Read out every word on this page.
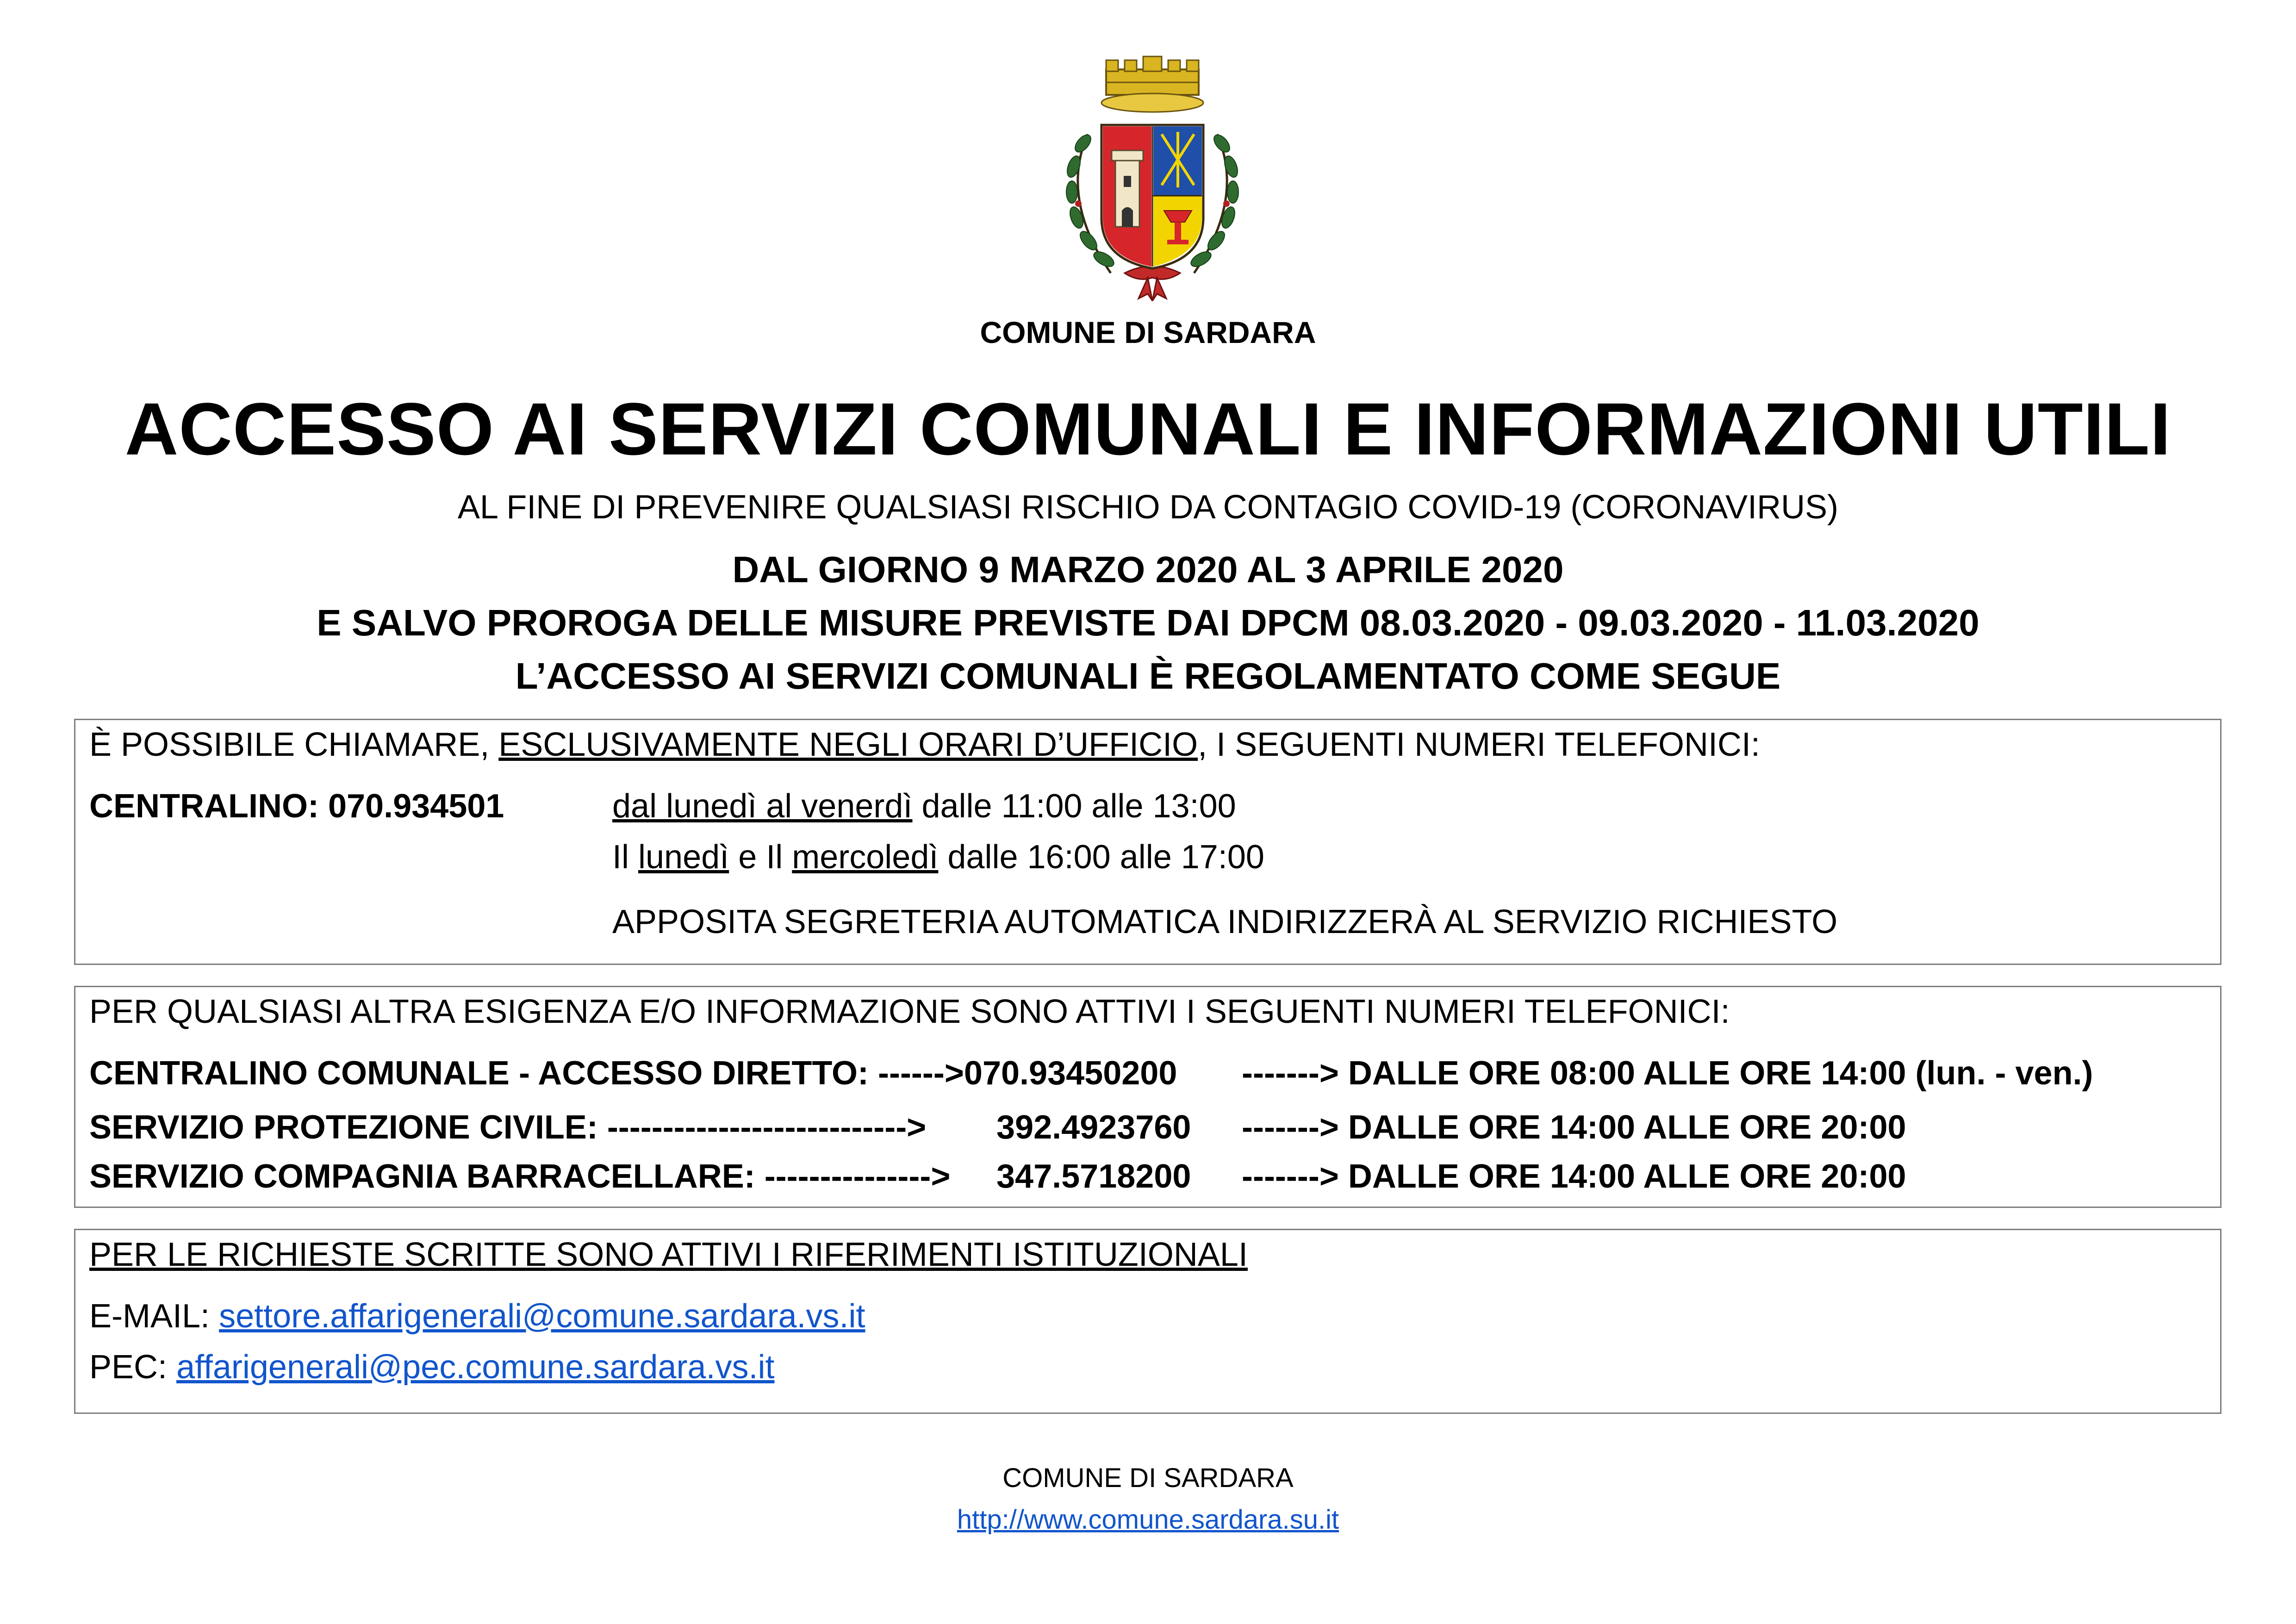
COMUNE DI SARDARA
ACCESSO AI SERVIZI COMUNALI E INFORMAZIONI UTILI
AL FINE DI PREVENIRE QUALSIASI RISCHIO DA CONTAGIO COVID-19 (CORONAVIRUS)
DAL GIORNO 9 MARZO 2020 AL 3 APRILE 2020
E SALVO PROROGA DELLE MISURE PREVISTE DAI DPCM 08.03.2020 - 09.03.2020 - 11.03.2020
L’ACCESSO AI SERVIZI COMUNALI È REGOLAMENTATO COME SEGUE
È POSSIBILE CHIAMARE, ESCLUSIVAMENTE NEGLI ORARI D’UFFICIO, I SEGUENTI NUMERI TELEFONICI:
CENTRALINO: 070.934501	dal lunedì al venerdì dalle 11:00 alle 13:00
Il lunedì e Il mercoledì dalle 16:00 alle 17:00
APPOSITA SEGRETERIA AUTOMATICA INDIRIZZERÀ AL SERVIZIO RICHIESTO
PER QUALSIASI ALTRA ESIGENZA E/O INFORMAZIONE SONO ATTIVI I SEGUENTI NUMERI TELEFONICI:
CENTRALINO COMUNALE - ACCESSO DIRETTO: ------>070.93450200 -------> DALLE ORE 08:00 ALLE ORE 14:00 (lun. - ven.)
SERVIZIO PROTEZIONE CIVILE: ---------------------------> 392.4923760 -------> DALLE ORE 14:00 ALLE ORE 20:00
SERVIZIO COMPAGNIA BARRACELLARE: ---------------> 347.5718200 -------> DALLE ORE 14:00 ALLE ORE 20:00
PER LE RICHIESTE SCRITTE SONO ATTIVI I RIFERIMENTI ISTITUZIONALI
E-MAIL: settore.affarigenerali@comune.sardara.vs.it
PEC: affarigenerali@pec.comune.sardara.vs.it
COMUNE DI SARDARA
http://www.comune.sardara.su.it
